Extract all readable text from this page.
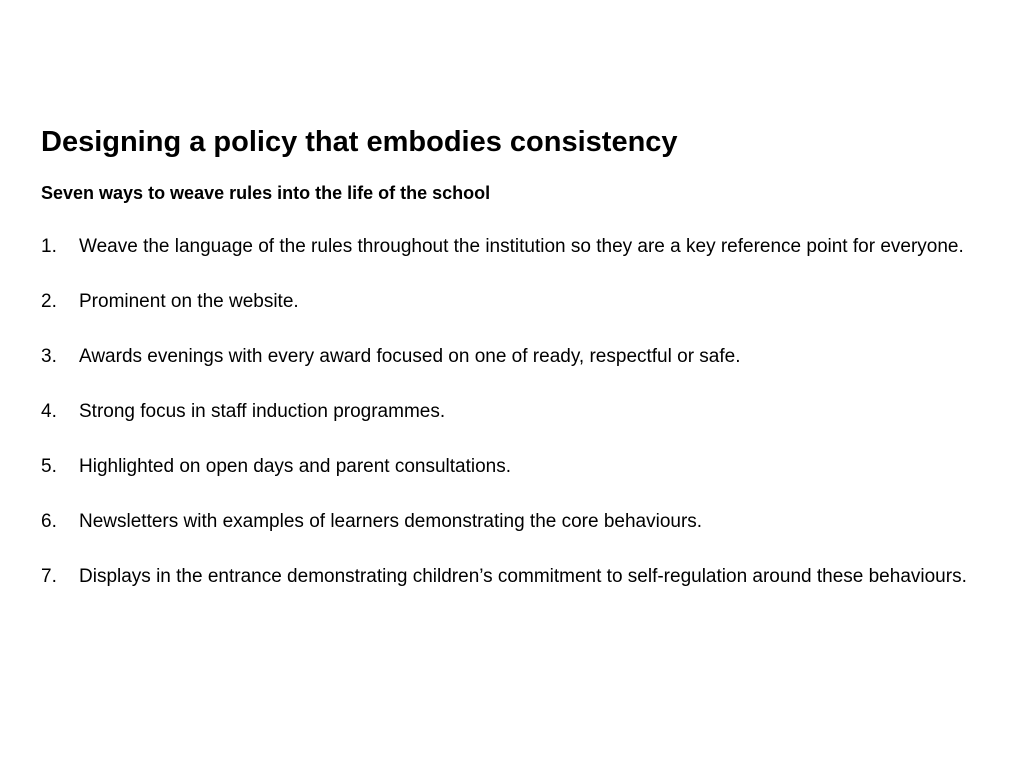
Designing a policy that embodies consistency
Seven ways to weave rules into the life of the school
1.	Weave the language of the rules throughout the institution so they are a key reference point for everyone.
2.	Prominent on the website.
3.	Awards evenings with every award focused on one of ready, respectful or safe.
4.	Strong focus in staff induction programmes.
5.	Highlighted on open days and parent consultations.
6.	Newsletters with examples of learners demonstrating the core behaviours.
7.	Displays in the entrance demonstrating children’s commitment to self-regulation around these behaviours.
